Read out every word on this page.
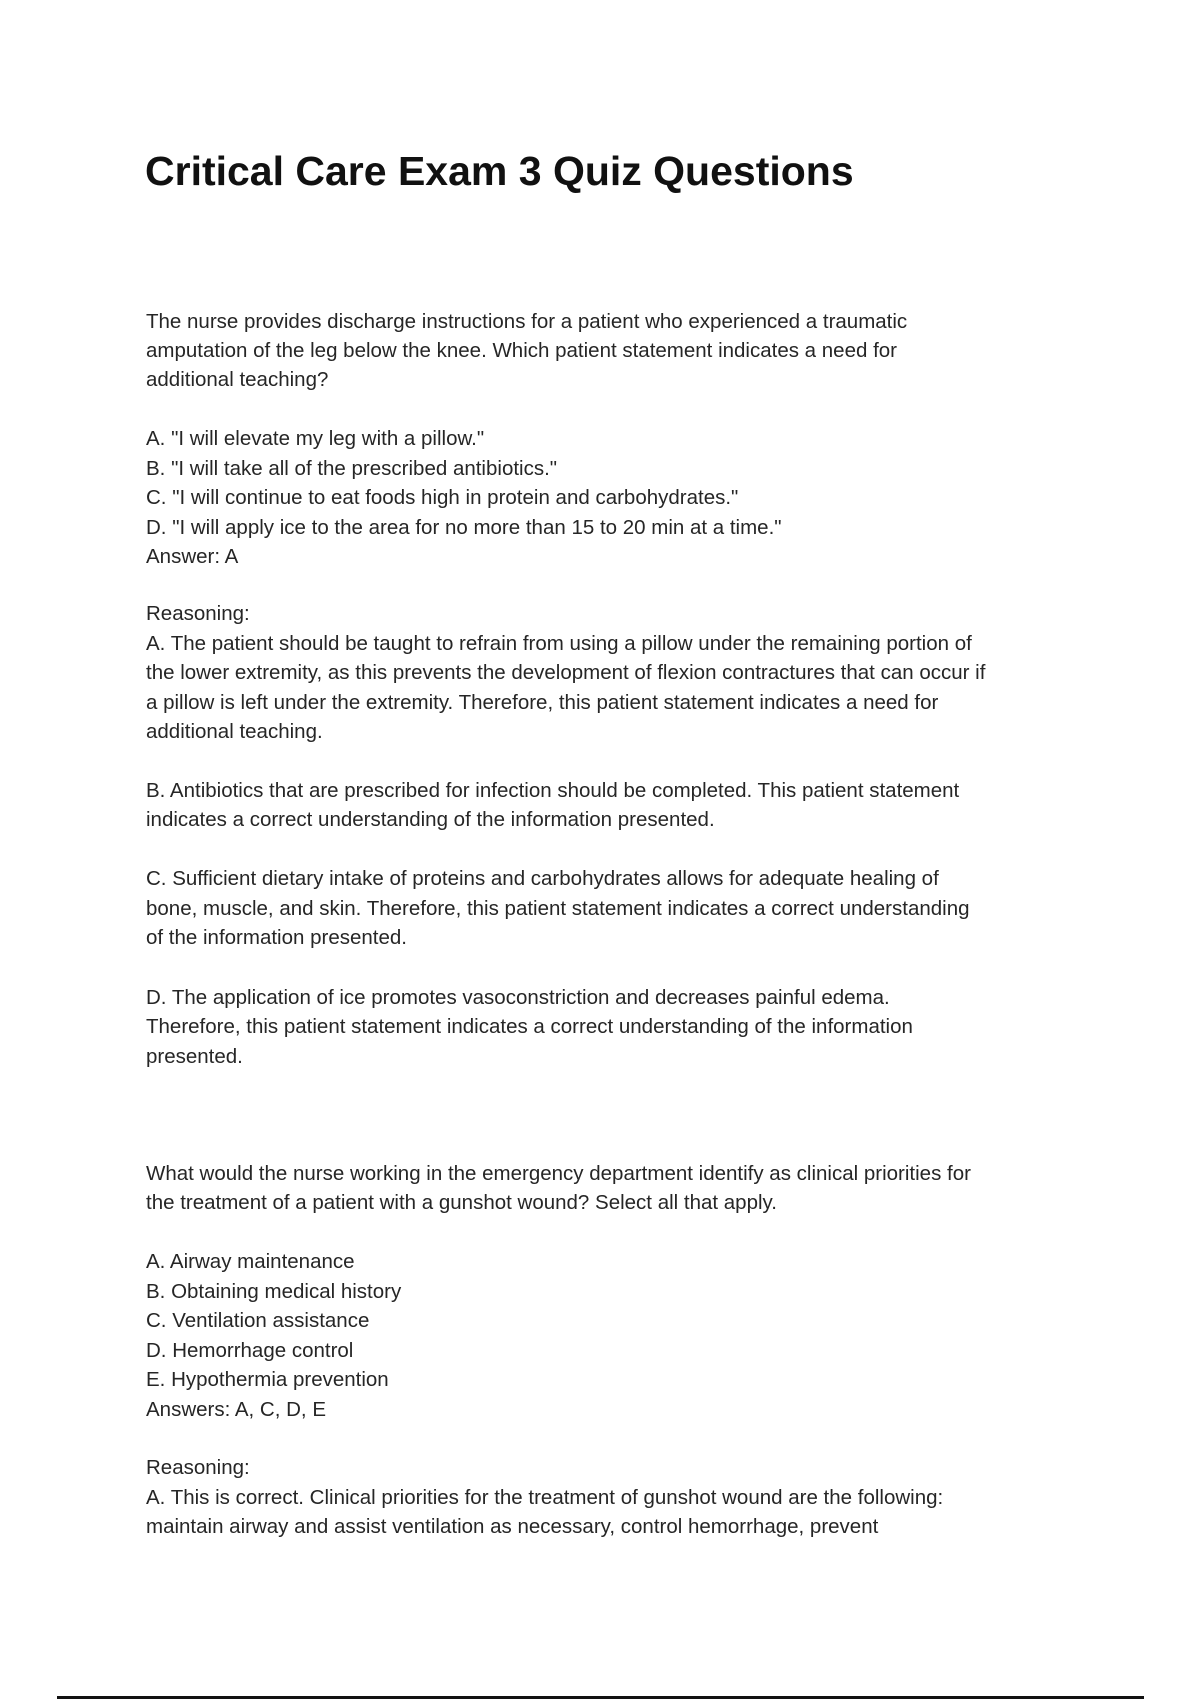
Critical Care Exam 3 Quiz Questions
The nurse provides discharge instructions for a patient who experienced a traumatic
amputation of the leg below the knee. Which patient statement indicates a need for
additional teaching?
A. "I will elevate my leg with a pillow."
B. "I will take all of the prescribed antibiotics."
C. "I will continue to eat foods high in protein and carbohydrates."
D. "I will apply ice to the area for no more than 15 to 20 min at a time."
Answer: A
Reasoning:
A. The patient should be taught to refrain from using a pillow under the remaining portion of
the lower extremity, as this prevents the development of flexion contractures that can occur if
a pillow is left under the extremity. Therefore, this patient statement indicates a need for
additional teaching.
B. Antibiotics that are prescribed for infection should be completed. This patient statement
indicates a correct understanding of the information presented.
C. Sufficient dietary intake of proteins and carbohydrates allows for adequate healing of
bone, muscle, and skin. Therefore, this patient statement indicates a correct understanding
of the information presented.
D. The application of ice promotes vasoconstriction and decreases painful edema.
Therefore, this patient statement indicates a correct understanding of the information
presented.
What would the nurse working in the emergency department identify as clinical priorities for
the treatment of a patient with a gunshot wound? Select all that apply.
A. Airway maintenance
B. Obtaining medical history
C. Ventilation assistance
D. Hemorrhage control
E. Hypothermia prevention
Answers: A, C, D, E
Reasoning:
A. This is correct. Clinical priorities for the treatment of gunshot wound are the following:
maintain airway and assist ventilation as necessary, control hemorrhage, prevent
